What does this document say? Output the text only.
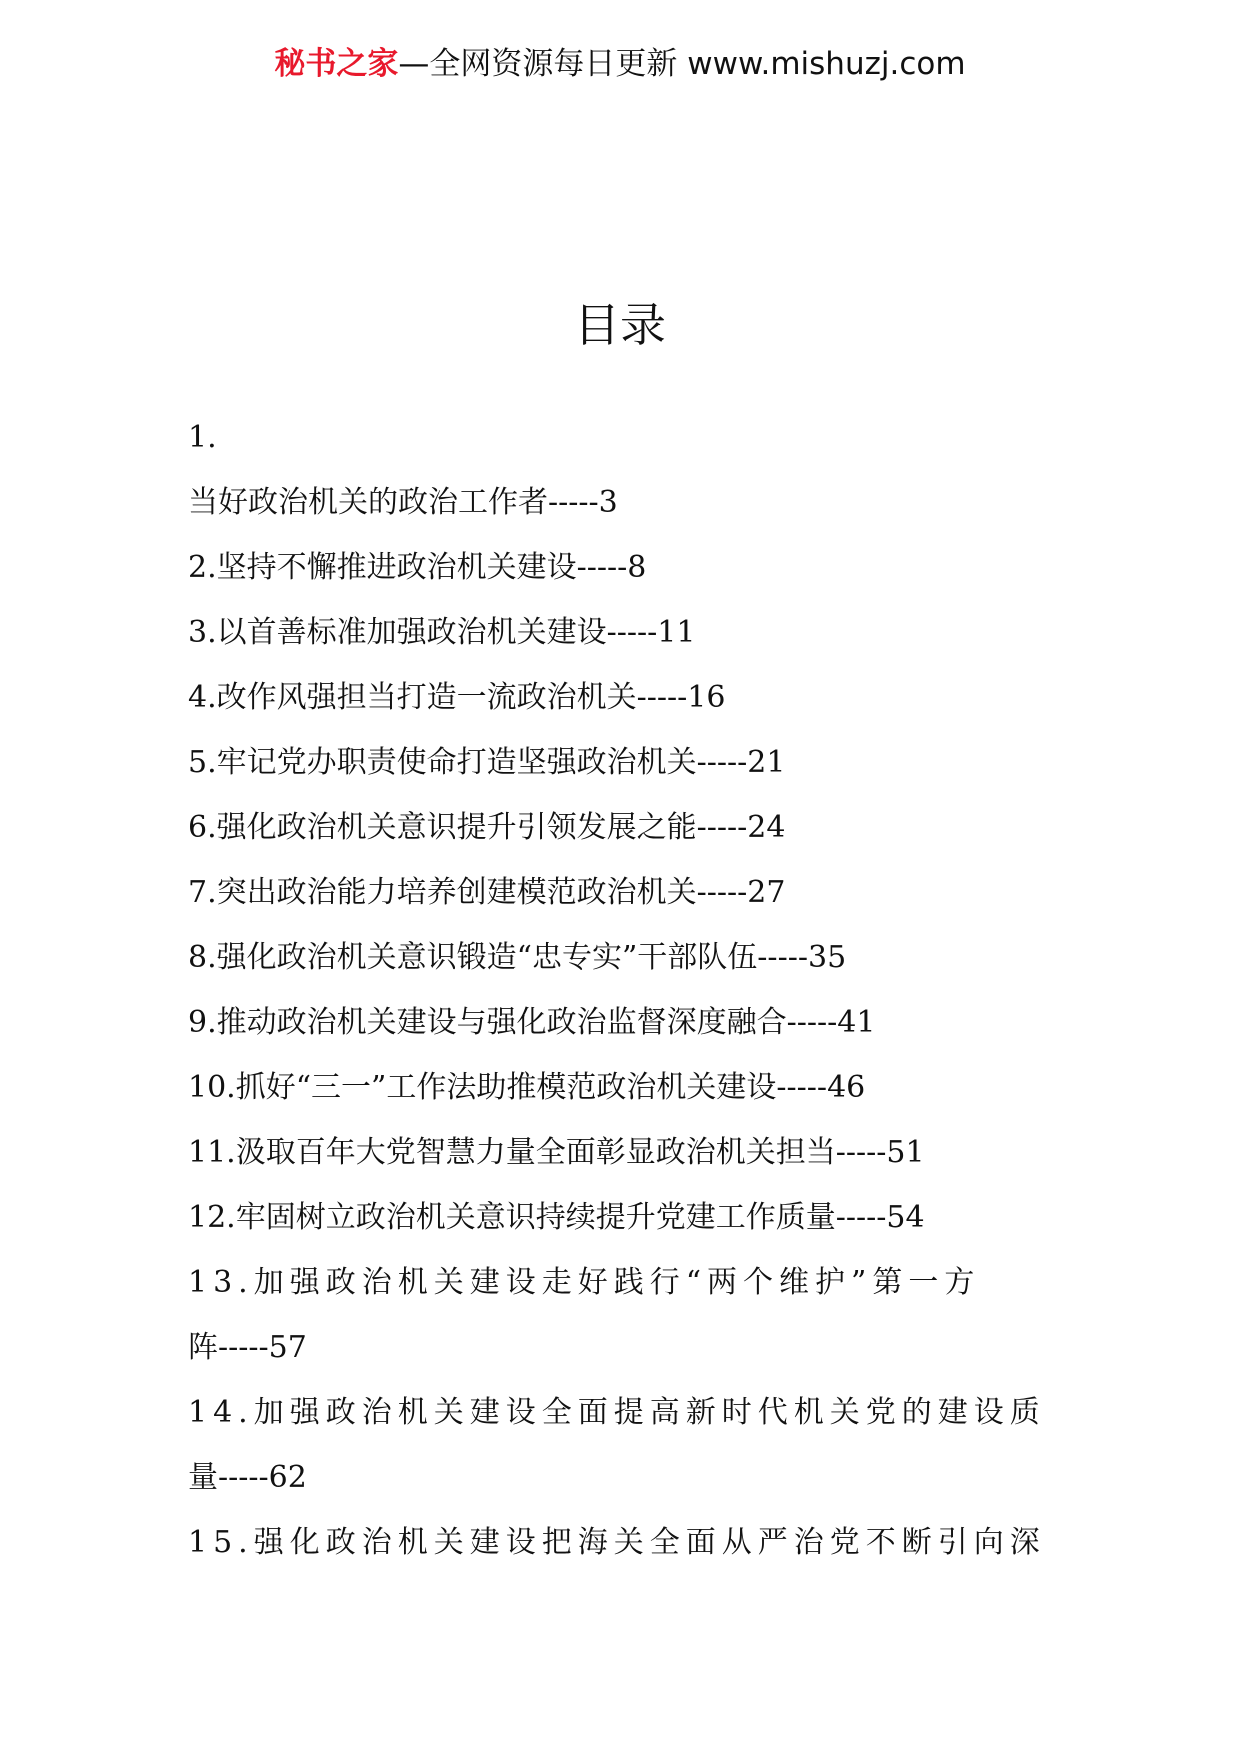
秘书之家—全网资源每日更新 www.mishuzj.com
目录
1.
当好政治机关的政治工作者-----3
2.坚持不懈推进政治机关建设-----8
3.以首善标准加强政治机关建设-----11
4.改作风强担当打造一流政治机关-----16
5.牢记党办职责使命打造坚强政治机关-----21
6.强化政治机关意识提升引领发展之能-----24
7.突出政治能力培养创建模范政治机关-----27
8.强化政治机关意识锻造“忠专实”干部队伍-----35
9.推动政治机关建设与强化政治监督深度融合-----41
10.抓好“三一”工作法助推模范政治机关建设-----46
11.汲取百年大党智慧力量全面彰显政治机关担当-----51
12.牢固树立政治机关意识持续提升党建工作质量-----54
13.加强政治机关建设走好践行“两个维护”第一方
阵-----57
14.加强政治机关建设全面提高新时代机关党的建设质
量-----62
15.强化政治机关建设把海关全面从严治党不断引向深
